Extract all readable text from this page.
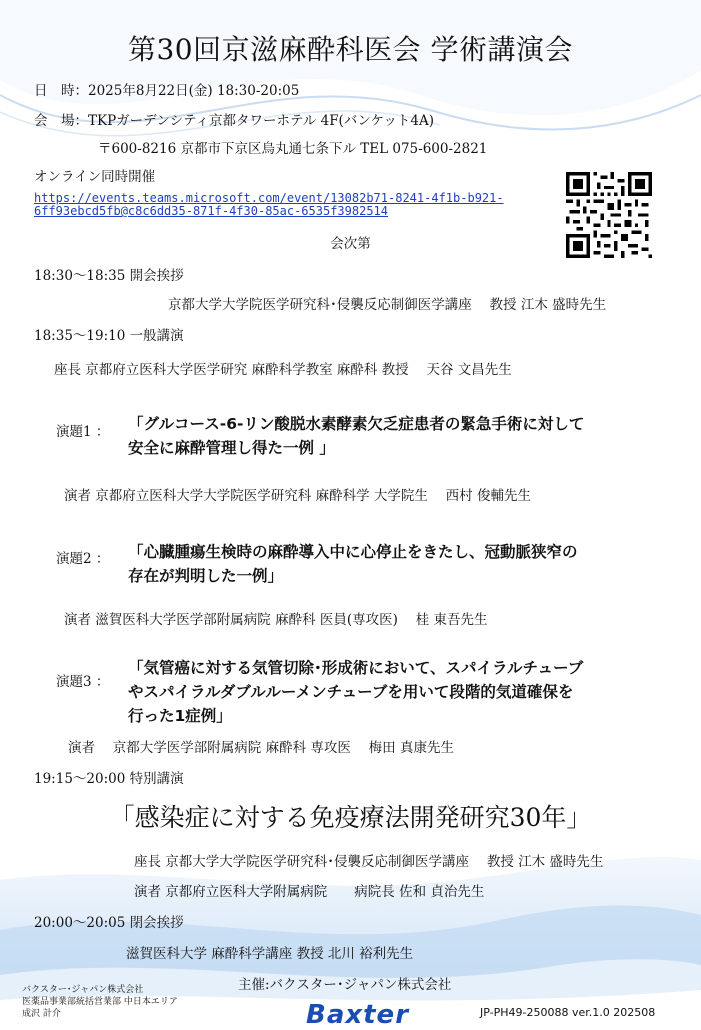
第30回京滋麻酔科医会 学術講演会
日　時：2025年8月22日(金) 18:30-20:05
会　場：TKPガーデンシティ京都タワーホテル 4F(バンケット4A)
〒600-8216 京都市下京区烏丸通七条下ル TEL 075-600-2821
オンライン同時開催
https://events.teams.microsoft.com/event/13082b71-8241-4f1b-b921-
6ff93ebcd5fb@c8c6dd35-871f-4f30-85ac-6535f3982514
会次第
18:30～18:35 開会挨拶
京都大学大学院医学研究科･侵襲反応制御医学講座　 教授 江木 盛時先生
18:35～19:10 一般講演
座長 京都府立医科大学医学研究 麻酔科学教室 麻酔科 教授　 天谷 文昌先生
演題1 ： 「グルコース-6-リン酸脱水素酵素欠乏症患者の緊急手術に対して
安全に麻酔管理し得た一例 」
演者 京都府立医科大学大学院医学研究科 麻酔科学 大学院生　 西村 俊輔先生
演題2 ： 「心臓腫瘍生検時の麻酔導入中に心停止をきたし、冠動脈狭窄の
存在が判明した一例」
演者 滋賀医科大学医学部附属病院 麻酔科 医員(専攻医)　 桂 東吾先生
演題3 ：
「気管癌に対する気管切除･形成術において、スパイラルチューブ
やスパイラルダブルルーメンチューブを用いて段階的気道確保を
行った1症例」
演者　 京都大学医学部附属病院 麻酔科 専攻医　 梅田 真康先生
19:15～20:00 特別講演
「感染症に対する免疫療法開発研究30年」
座長 京都大学大学院医学研究科･侵襲反応制御医学講座　 教授 江木 盛時先生
演者 京都府立医科大学附属病院　　病院長 佐和 貞治先生
20:00～20:05 閉会挨拶
滋賀医科大学 麻酔科学講座 教授 北川 裕利先生
主催:バクスター･ジャパン株式会社
バクスター･ジャパン株式会社
医薬品事業部統括営業部 中日本エリア
成沢 計介	Baxter	JP-PH49-250088 ver.1.0 202508
